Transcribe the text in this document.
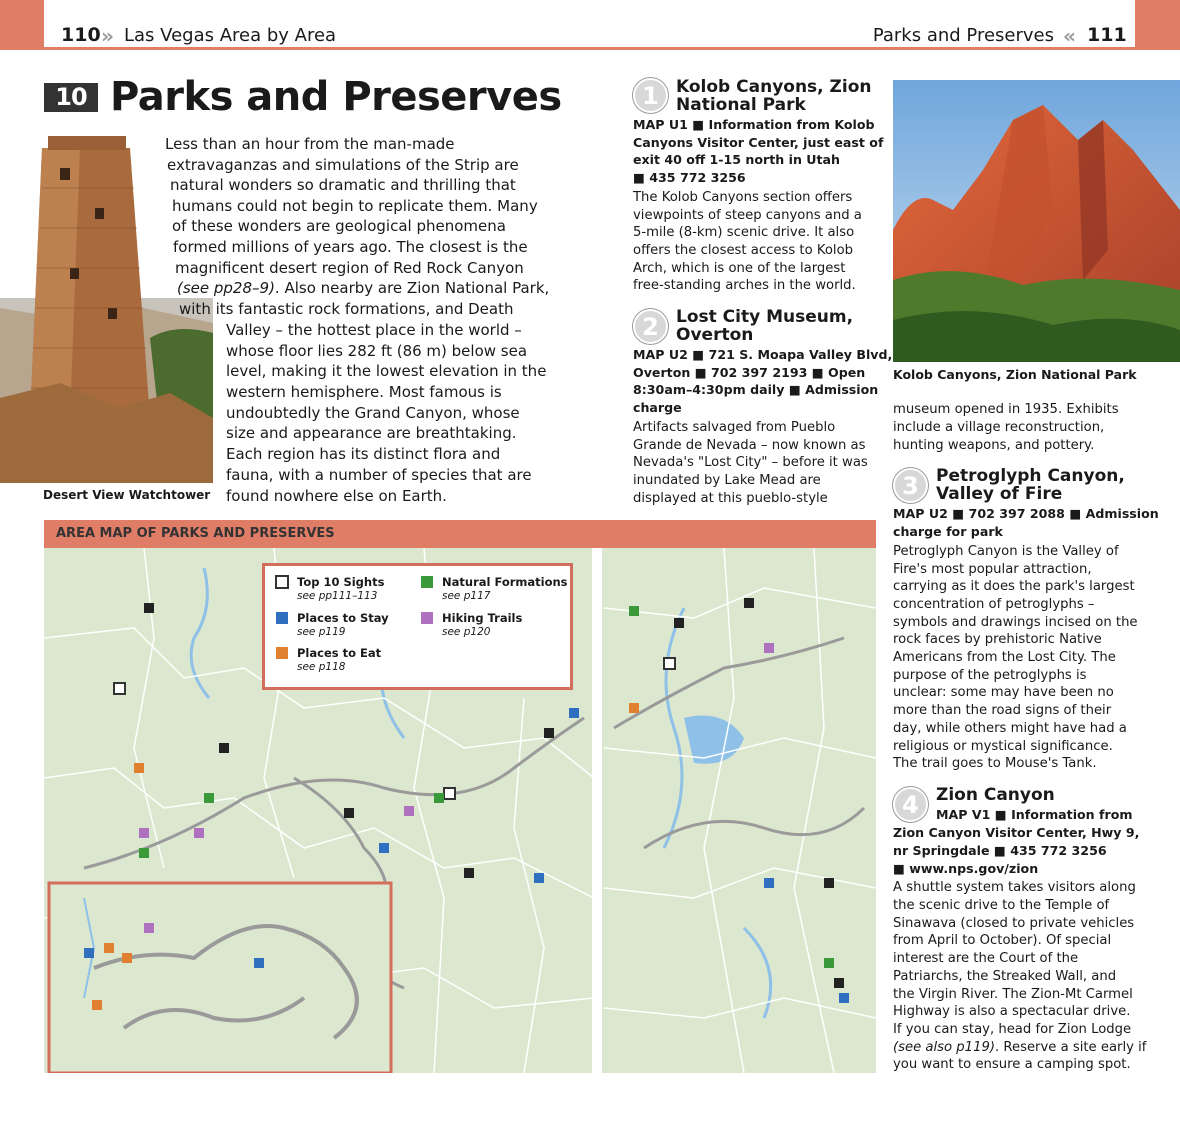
110 » Las Vegas Area by Area	Parks and Preserves « 111
10 Parks and Preserves
Desert View Watchtower
Less than an hour from the man-made
extravaganzas and simulations of the Strip are
natural wonders so dramatic and thrilling that
humans could not begin to replicate them. Many
of these wonders are geological phenomena
formed millions of years ago. The closest is the
magnificent desert region of Red Rock Canyon
(see pp28–9). Also nearby are Zion National Park,
with its fantastic rock formations, and Death
Valley – the hottest place in the world –
whose floor lies 282 ft (86 m) below sea
level, making it the lowest elevation in the
western hemisphere. Most famous is
undoubtedly the Grand Canyon, whose
size and appearance are breathtaking.
Each region has its distinct flora and
fauna, with a number of species that are
found nowhere else on Earth.
1	Kolob Canyons, Zion
National Park
MAP U1 ■ Information from Kolob
Canyons Visitor Center, just east of
exit 40 off 1-15 north in Utah
■ 435 772 3256
The Kolob Canyons section offers
viewpoints of steep canyons and a
5-mile (8-km) scenic drive. It also
offers the closest access to Kolob
Arch, which is one of the largest
free-standing arches in the world.
2	Lost City Museum,
Overton
MAP U2 ■ 721 S. Moapa Valley Blvd,
Overton ■ 702 397 2193 ■ Open
8:30am–4:30pm daily ■ Admission
charge
Artifacts salvaged from Pueblo
Grande de Nevada – now known as
Nevada's "Lost City" – before it was
inundated by Lake Mead are
displayed at this pueblo-style
Kolob Canyons, Zion National Park
museum opened in 1935. Exhibits
include a village reconstruction,
hunting weapons, and pottery.
3	Petroglyph Canyon,
Valley of Fire
MAP U2 ■ 702 397 2088 ■ Admission
charge for park
Petroglyph Canyon is the Valley of
Fire's most popular attraction,
carrying as it does the park's largest
concentration of petroglyphs –
symbols and drawings incised on the
rock faces by prehistoric Native
Americans from the Lost City. The
purpose of the petroglyphs is
unclear: some may have been no
more than the road signs of their
day, while others might have had a
religious or mystical significance.
The trail goes to Mouse's Tank.
4	Zion Canyon
MAP V1 ■ Information from
Zion Canyon Visitor Center, Hwy 9,
nr Springdale ■ 435 772 3256
■ www.nps.gov/zion
A shuttle system takes visitors along
the scenic drive to the Temple of
Sinawava (closed to private vehicles
from April to October). Of special
interest are the Court of the
Patriarchs, the Streaked Wall, and
the Virgin River. The Zion-Mt Carmel
Highway is also a spectacular drive.
If you can stay, head for Zion Lodge
(see also p119). Reserve a site early if
you want to ensure a camping spot.
AREA MAP OF PARKS AND PRESERVES
Top 10 Sights
see pp111–113
Natural Formations
see p117
Places to Stay
see p119
Hiking Trails
see p120
Places to Eat
see p118
